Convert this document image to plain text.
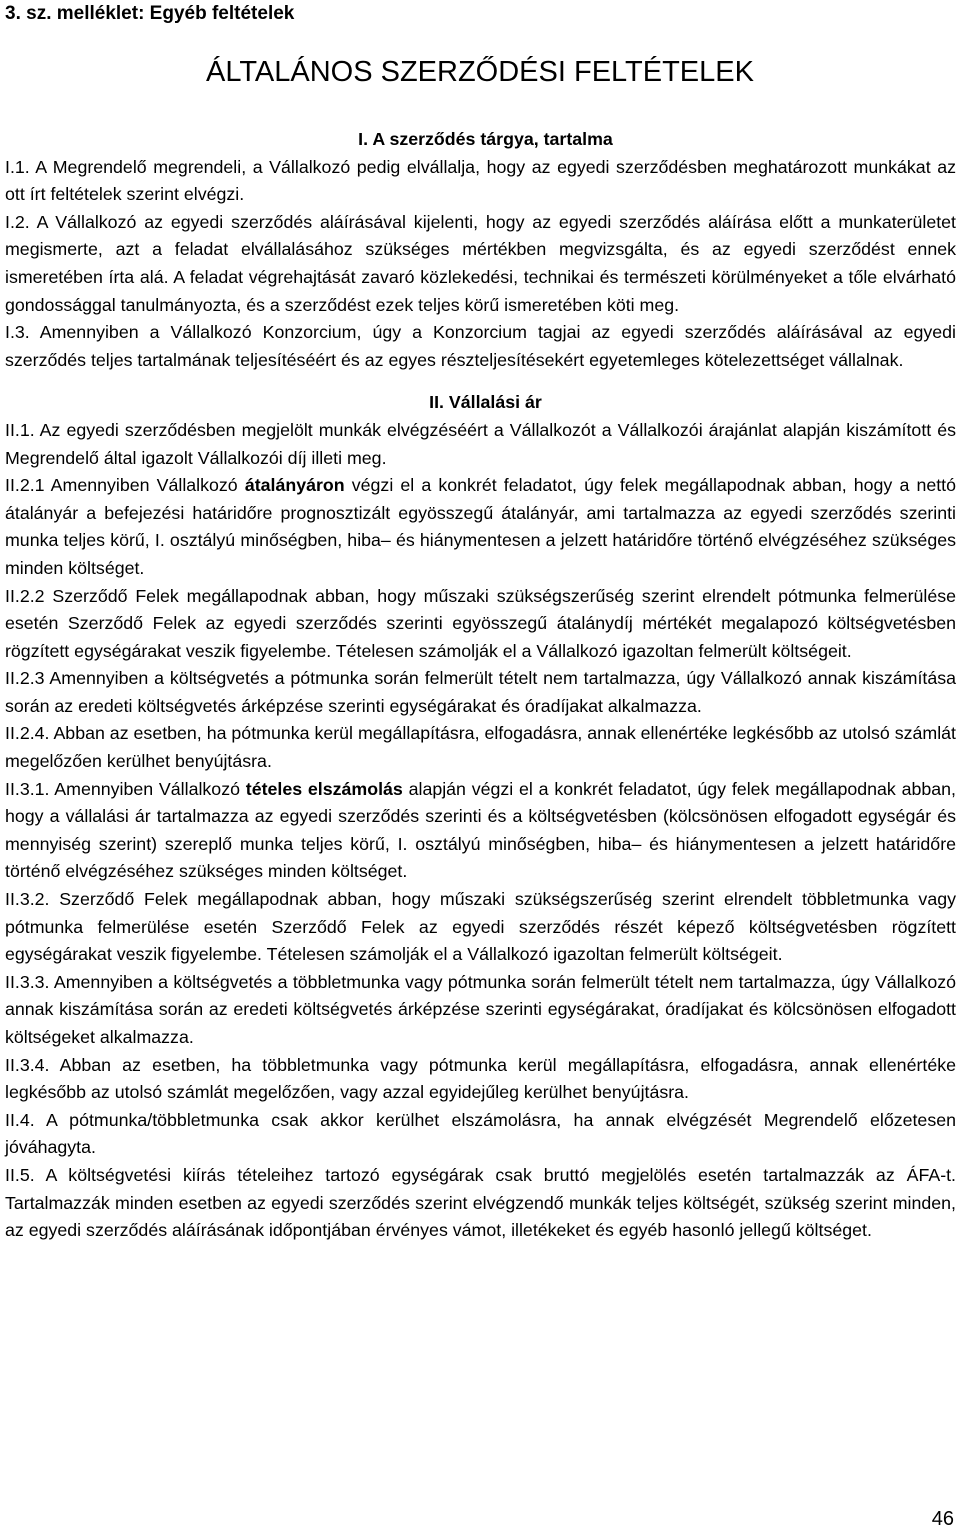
3. sz. melléklet: Egyéb feltételek
ÁLTALÁNOS SZERZŐDÉSI FELTÉTELEK
I. A szerződés tárgya, tartalma

I.1. A Megrendelő megrendeli, a Vállalkozó pedig elvállalja, hogy az egyedi szerződésben meghatározott munkákat az ott írt feltételek szerint elvégzi.

I.2. A Vállalkozó az egyedi szerződés aláírásával kijelenti, hogy az egyedi szerződés aláírása előtt a munkaterületet megismerte, azt a feladat elvállalásához szükséges mértékben megvizsgálta, és az egyedi szerződést ennek ismeretében írta alá. A feladat végrehajtását zavaró közlekedési, technikai és természeti körülményeket a tőle elvárható gondossággal tanulmányozta, és a szerződést ezek teljes körű ismeretében köti meg.

I.3. Amennyiben a Vállalkozó Konzorcium, úgy a Konzorcium tagjai az egyedi szerződés aláírásával az egyedi szerződés teljes tartalmának teljesítéséért és az egyes részteljesítésekért egyetemleges kötelezettséget vállalnak.

II. Vállalási ár

II.1. Az egyedi szerződésben megjelölt munkák elvégzéséért a Vállalkozót a Vállalkozói árajánlat alapján kiszámított és Megrendelő által igazolt Vállalkozói díj illeti meg.

II.2.1 Amennyiben Vállalkozó átalányáron végzi el a konkrét feladatot, úgy felek megállapodnak abban, hogy a nettó átalányár a befejezési határidőre prognosztizált egyösszegű átalányár, ami tartalmazza az egyedi szerződés szerinti munka teljes körű, I. osztályú minőségben, hiba– és hiánymentesen a jelzett határidőre történő elvégzéséhez szükséges minden költséget.

II.2.2 Szerződő Felek megállapodnak abban, hogy műszaki szükségszerűség szerint elrendelt pótmunka felmerülése esetén Szerződő Felek az egyedi szerződés szerinti egyösszegű átalánydíj mértékét megalapozó költségvetésben rögzített egységárakat veszik figyelembe. Tételesen számolják el a Vállalkozó igazoltan felmerült költségeit.

II.2.3 Amennyiben a költségvetés a pótmunka során felmerült tételt nem tartalmazza, úgy Vállalkozó annak kiszámítása során az eredeti költségvetés árképzése szerinti egységárakat és óradíjakat alkalmazza.

II.2.4. Abban az esetben, ha pótmunka kerül megállapításra, elfogadásra, annak ellenértéke legkésőbb az utolsó számlát megelőzően kerülhet benyújtásra.

II.3.1. Amennyiben Vállalkozó tételes elszámolás alapján végzi el a konkrét feladatot, úgy felek megállapodnak abban, hogy a vállalási ár tartalmazza az egyedi szerződés szerinti és a költségvetésben (kölcsönösen elfogadott egységár és mennyiség szerint) szereplő munka teljes körű, I. osztályú minőségben, hiba– és hiánymentesen a jelzett határidőre történő elvégzéséhez szükséges minden költséget.

II.3.2. Szerződő Felek megállapodnak abban, hogy műszaki szükségszerűség szerint elrendelt többletmunka vagy pótmunka felmerülése esetén Szerződő Felek az egyedi szerződés részét képező költségvetésben rögzített egységárakat veszik figyelembe. Tételesen számolják el a Vállalkozó igazoltan felmerült költségeit.

II.3.3. Amennyiben a költségvetés a többletmunka vagy pótmunka során felmerült tételt nem tartalmazza, úgy Vállalkozó annak kiszámítása során az eredeti költségvetés árképzése szerinti egységárakat, óradíjakat és kölcsönösen elfogadott költségeket alkalmazza.

II.3.4. Abban az esetben, ha többletmunka vagy pótmunka kerül megállapításra, elfogadásra, annak ellenértéke legkésőbb az utolsó számlát megelőzően, vagy azzal egyidejűleg kerülhet benyújtásra.

II.4. A pótmunka/többletmunka csak akkor kerülhet elszámolásra, ha annak elvégzését Megrendelő előzetesen jóváhagyta.

II.5. A költségvetési kiírás tételeihez tartozó egységárak csak bruttó megjelölés esetén tartalmazzák az ÁFA-t. Tartalmazzák minden esetben az egyedi szerződés szerint elvégzendő munkák teljes költségét, szükség szerint minden, az egyedi szerződés aláírásának időpontjában érvényes vámot, illetékeket és egyéb hasonló jellegű költséget.

46
